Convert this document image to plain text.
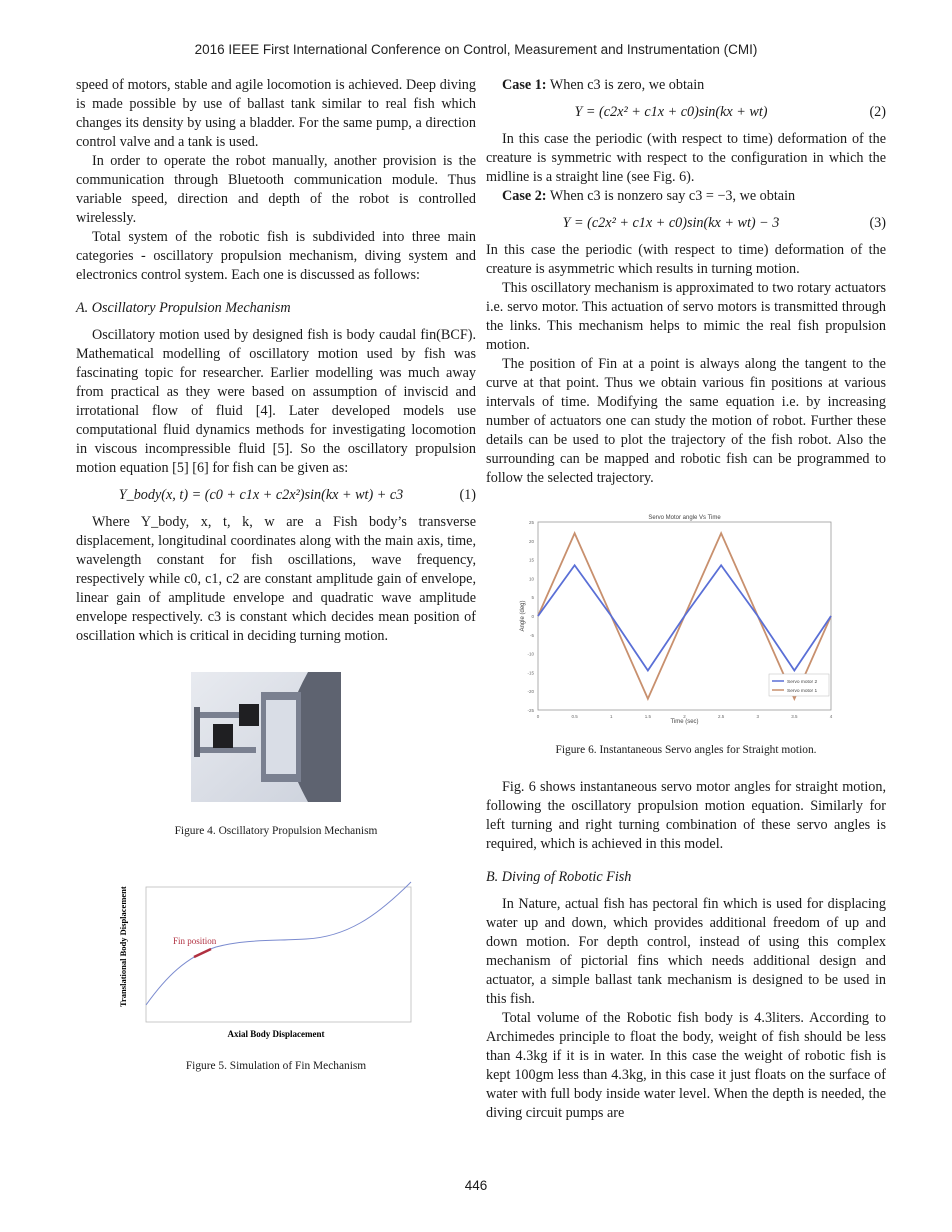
2016 IEEE First International Conference on Control, Measurement and Instrumentation (CMI)

speed of motors, stable and agile locomotion is achieved. Deep diving is made possible by use of ballast tank similar to real fish which changes its density by using a bladder. For the same pump, a direction control valve and a tank is used.

In order to operate the robot manually, another provision is the communication through Bluetooth communication module. Thus variable speed, direction and depth of the robot is controlled wirelessly.

Total system of the robotic fish is subdivided into three main categories - oscillatory propulsion mechanism, diving system and electronics control system. Each one is discussed as follows:

A. Oscillatory Propulsion Mechanism

Oscillatory motion used by designed fish is body caudal fin(BCF). Mathematical modelling of oscillatory motion used by fish was fascinating topic for researcher. Earlier modelling was much away from practical as they were based on assumption of inviscid and irrotational flow of fluid [4]. Later developed models use computational fluid dynamics methods for investigating locomotion in viscous incompressible fluid [5]. So the oscillatory propulsion motion equation [5] [6] for fish can be given as:

Y_body(x, t) = (c0 + c1x + c2x²)sin(kx + wt) + c3	(1)

Where Y_body, x, t, k, w are a Fish body’s transverse displacement, longitudinal coordinates along with the main axis, time, wavelength constant for fish oscillations, wave frequency, respectively while c0, c1, c2 are constant amplitude gain of envelope, linear gain of amplitude envelope and quadratic wave amplitude envelope respectively. c3 is constant which decides mean position of oscillation which is critical in deciding turning motion.

Figure 4. Oscillatory Propulsion Mechanism
Fin position
Axial Body Displacement
Translational Body Displacement
Figure 5. Simulation of Fin Mechanism

Case 1: When c3 is zero, we obtain

Y = (c2x² + c1x + c0)sin(kx + wt)	(2)

In this case the periodic (with respect to time) deformation of the creature is symmetric with respect to the configuration in which the midline is a straight line (see Fig. 6).

Case 2: When c3 is nonzero say c3 = −3, we obtain

Y = (c2x² + c1x + c0)sin(kx + wt) − 3	(3)

In this case the periodic (with respect to time) deformation of the creature is asymmetric which results in turning motion.

This oscillatory mechanism is approximated to two rotary actuators i.e. servo motor. This actuation of servo motors is transmitted through the links. This mechanism helps to mimic the real fish propulsion motion.

The position of Fin at a point is always along the tangent to the curve at that point. Thus we obtain various fin positions at various intervals of time. Modifying the same equation i.e. by increasing number of actuators one can study the motion of robot. Further these details can be used to plot the trajectory of the fish robot. Also the surrounding can be mapped and robotic fish can be programmed to follow the selected trajectory.

Servo Motor angle Vs Time
Time (sec)
Angle (deg)
-25
-20
-15
-10
-5
0
5
10
15
20
25
0	0.5	1	1.5	2	2.5	3	3.5	4
Servo motor 2
Servo motor 1
Figure 6. Instantaneous Servo angles for Straight motion.

Fig. 6 shows instantaneous servo motor angles for straight motion, following the oscillatory propulsion motion equation. Similarly for left turning and right turning combination of these servo angles is required, which is achieved in this model.

B. Diving of Robotic Fish

In Nature, actual fish has pectoral fin which is used for displacing water up and down, which provides additional freedom of up and down motion. For depth control, instead of using this complex mechanism of pictorial fins which needs additional design and actuator, a simple ballast tank mechanism is designed to be used in this fish.

Total volume of the Robotic fish body is 4.3liters. According to Archimedes principle to float the body, weight of fish should be less than 4.3kg if it is in water. In this case the weight of robotic fish is kept 100gm less than 4.3kg, in this case it just floats on the surface of water with full body inside water level. When the depth is needed, the diving circuit pumps are

446
